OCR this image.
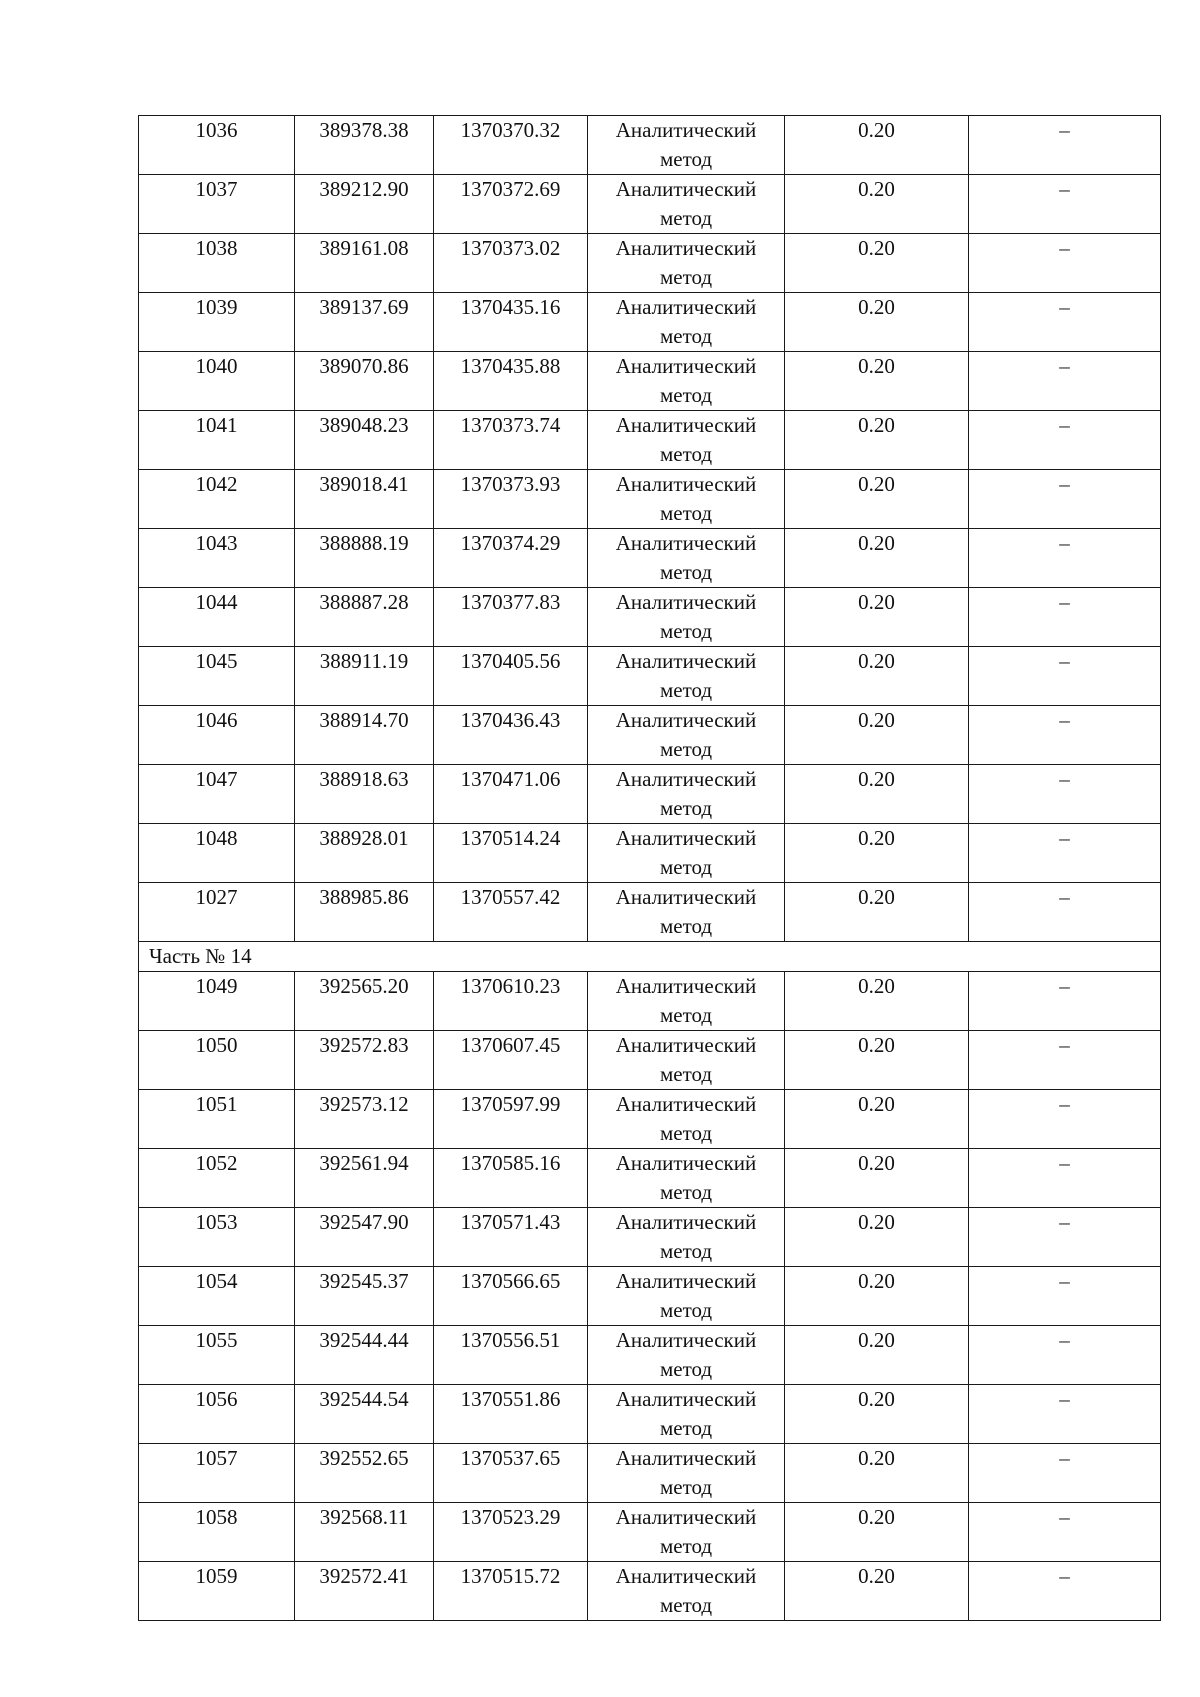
1036	389378.38	1370370.32	Аналитический метод	0.20	–
1037	389212.90	1370372.69	Аналитический метод	0.20	–
1038	389161.08	1370373.02	Аналитический метод	0.20	–
1039	389137.69	1370435.16	Аналитический метод	0.20	–
1040	389070.86	1370435.88	Аналитический метод	0.20	–
1041	389048.23	1370373.74	Аналитический метод	0.20	–
1042	389018.41	1370373.93	Аналитический метод	0.20	–
1043	388888.19	1370374.29	Аналитический метод	0.20	–
1044	388887.28	1370377.83	Аналитический метод	0.20	–
1045	388911.19	1370405.56	Аналитический метод	0.20	–
1046	388914.70	1370436.43	Аналитический метод	0.20	–
1047	388918.63	1370471.06	Аналитический метод	0.20	–
1048	388928.01	1370514.24	Аналитический метод	0.20	–
1027	388985.86	1370557.42	Аналитический метод	0.20	–
Часть № 14					
1049	392565.20	1370610.23	Аналитический метод	0.20	–
1050	392572.83	1370607.45	Аналитический метод	0.20	–
1051	392573.12	1370597.99	Аналитический метод	0.20	–
1052	392561.94	1370585.16	Аналитический метод	0.20	–
1053	392547.90	1370571.43	Аналитический метод	0.20	–
1054	392545.37	1370566.65	Аналитический метод	0.20	–
1055	392544.44	1370556.51	Аналитический метод	0.20	–
1056	392544.54	1370551.86	Аналитический метод	0.20	–
1057	392552.65	1370537.65	Аналитический метод	0.20	–
1058	392568.11	1370523.29	Аналитический метод	0.20	–
1059	392572.41	1370515.72	Аналитический метод	0.20	–
